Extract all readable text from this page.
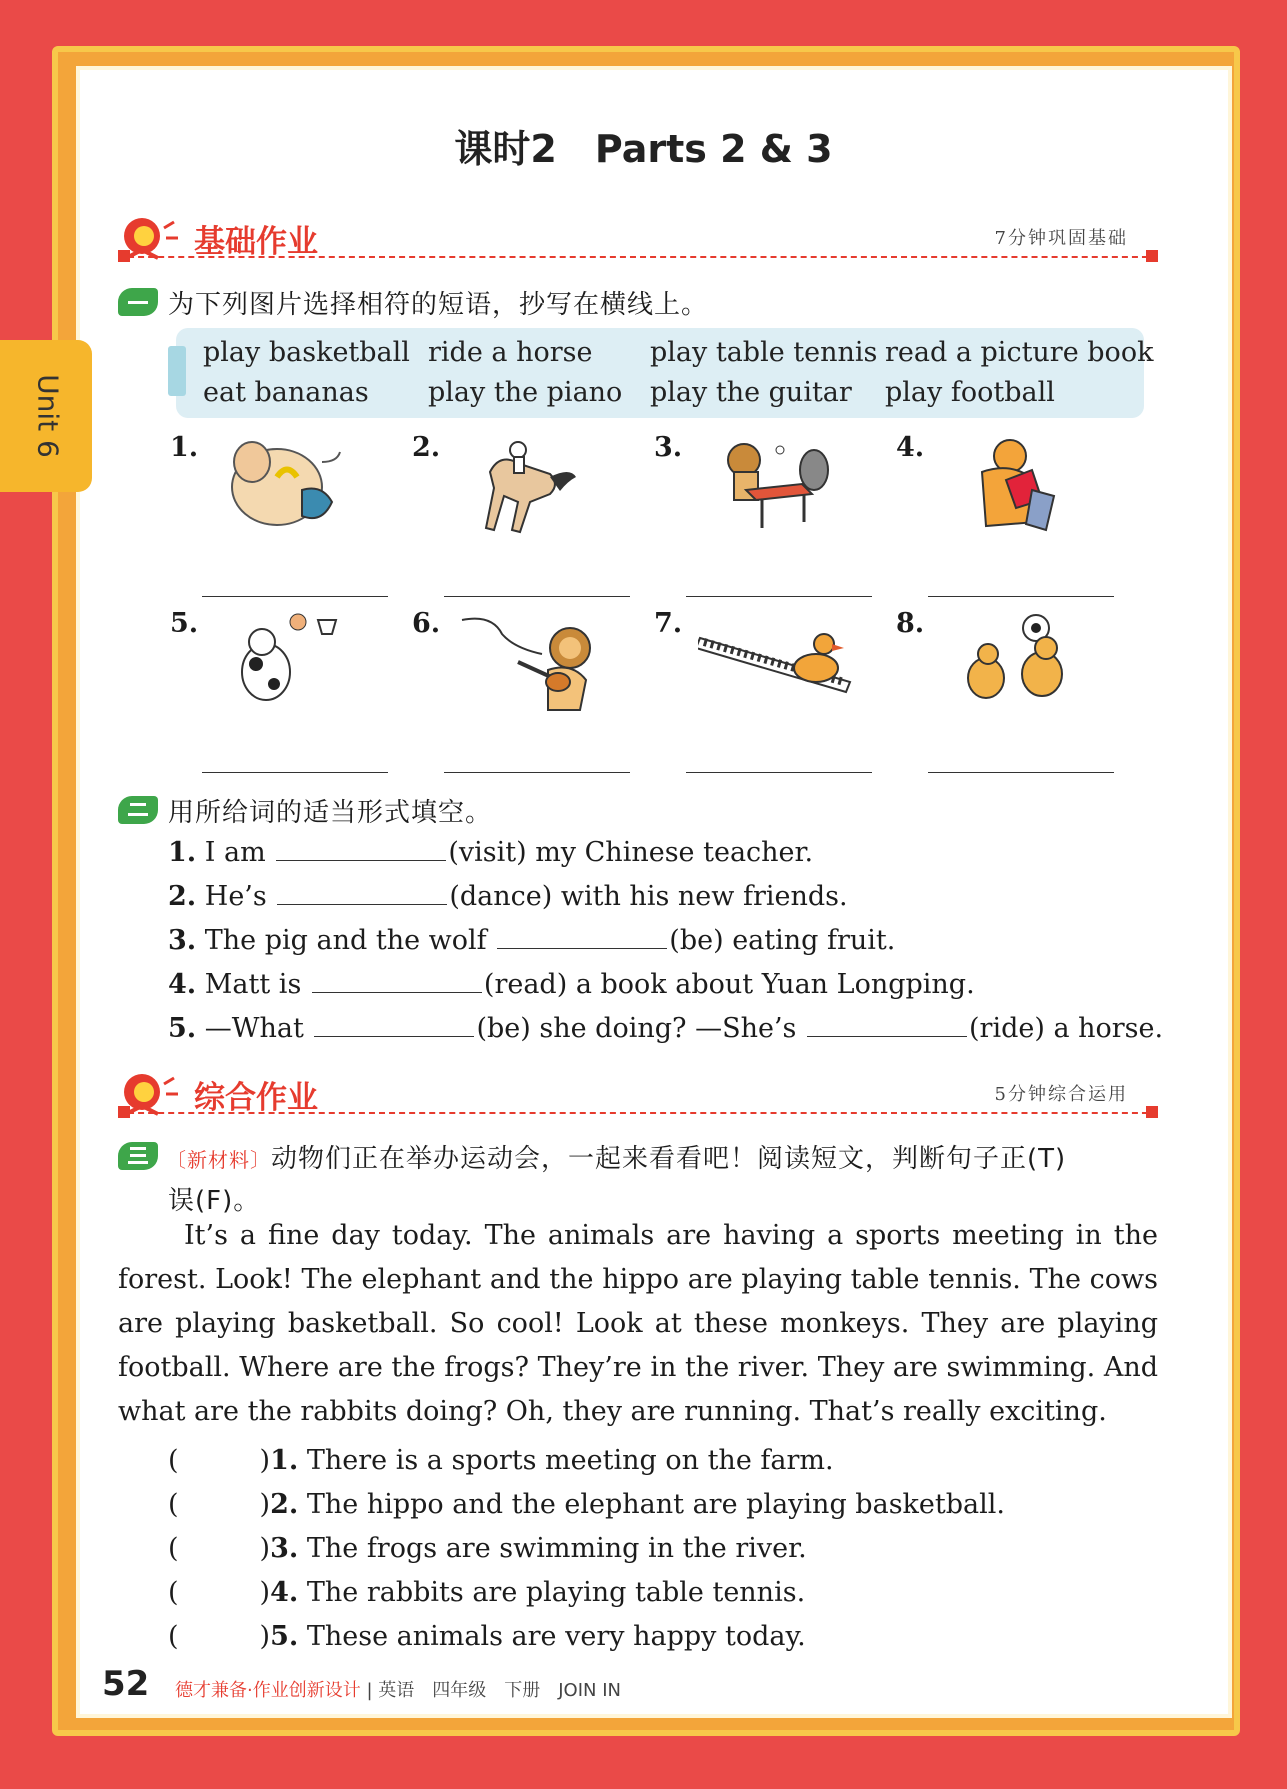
Unit 6
课时2　Parts 2 & 3
基础作业	7分钟巩固基础
为下列图片选择相符的短语，抄写在横线上。
play basketball ride a horse play table tennis read a picture book
eat bananas play the piano play the guitar play football
1.	2.	3.	4.
5.	6.	7.	8.
用所给词的适当形式填空。
1. I am	(visit) my Chinese teacher.
2. He’s	(dance) with his new friends.
3. The pig and the wolf	(be) eating fruit.
4. Matt is	(read) a book about Yuan Longping.
5. —What	(be) she doing? —She’s	(ride) a horse.
综合作业	5分钟综合运用
〔新材料〕动物们正在举办运动会，一起来看看吧！阅读短文，判断句子正(T)
误(F)。
It’s a fine day today. The animals are having a sports meeting in the forest. Look! The elephant and the hippo are playing table tennis. The cows are playing basketball. So cool! Look at these monkeys. They are playing football. Where are the frogs? They’re in the river. They are swimming. And what are the rabbits doing? Oh, they are running. That’s really exciting.
(　　　)1. There is a sports meeting on the farm.
(　　　)2. The hippo and the elephant are playing basketball.
(　　　)3. The frogs are swimming in the river.
(　　　)4. The rabbits are playing table tennis.
(　　　)5. These animals are very happy today.
52 德才兼备·作业创新设计 | 英语　 四年级　下册　JOIN IN
